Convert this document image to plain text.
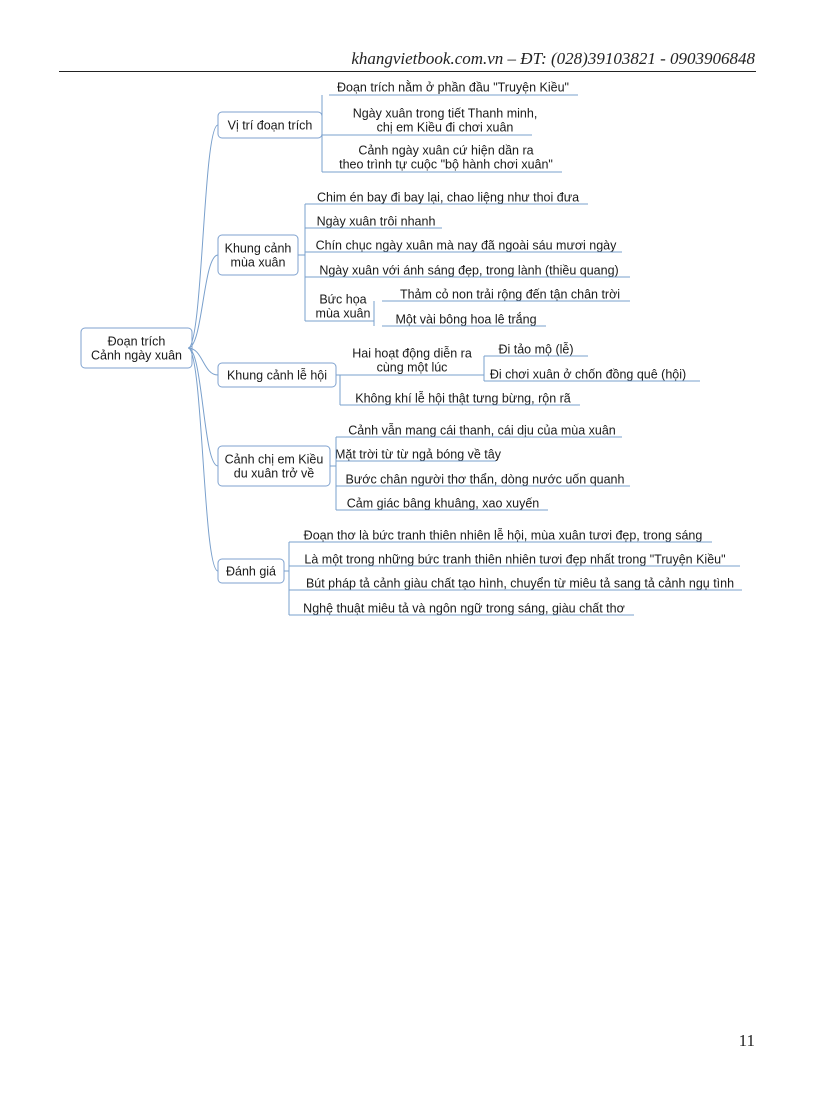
khangvietbook.com.vn – ĐT: (028)39103821 - 0903906848
Đoạn trích Cảnh ngày xuân
Vị trí đoạn trích
Đoạn trích nằm ở phần đầu "Truyện Kiều"
Ngày xuân trong tiết Thanh minh, chị em Kiều đi chơi xuân
Cảnh ngày xuân cứ hiện dần ra theo trình tự cuộc "bộ hành chơi xuân"
Khung cảnh mùa xuân
Chim én bay đi bay lại, chao liệng như thoi đưa
Ngày xuân trôi nhanh
Chín chục ngày xuân mà nay đã ngoài sáu mươi ngày
Ngày xuân với ánh sáng đẹp, trong lành (thiều quang)
Bức họa mùa xuân
Thảm cỏ non trải rộng đến tận chân trời
Một vài bông hoa lê trắng
Khung cảnh lễ hội
Không khí lễ hội thật tưng bừng, rộn rã
Hai hoạt động diễn ra cùng một lúc
Đi tảo mộ (lễ)
Đi chơi xuân ở chốn đồng quê (hội)
Cảnh chị em Kiều du xuân trở về
Cảnh vẫn mang cái thanh, cái dịu của mùa xuân
Mặt trời từ từ ngả bóng về tây
Bước chân người thơ thẩn, dòng nước uốn quanh
Cảm giác bâng khuâng, xao xuyến
Đánh giá
Đoạn thơ là bức tranh thiên nhiên lễ hội, mùa xuân tươi đẹp, trong sáng
Là một trong những bức tranh thiên nhiên tươi đẹp nhất trong "Truyện Kiều"
Bút pháp tả cảnh giàu chất tạo hình, chuyển từ miêu tả sang tả cảnh ngụ tình
Nghệ thuật miêu tả và ngôn ngữ trong sáng, giàu chất thơ
11
